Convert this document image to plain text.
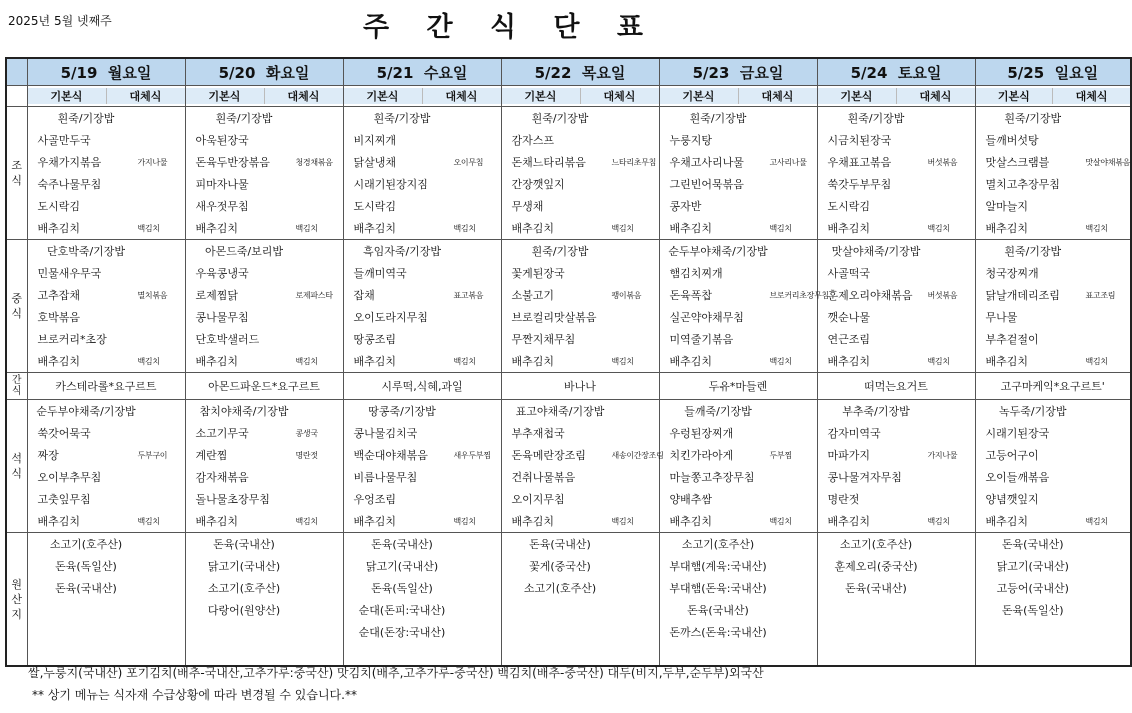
2025년 5월 넷째주	주 간 식 단 표
	5/19 월요일	5/20 화요일	5/21 수요일	5/22 목요일	5/23 금요일	5/24 토요일	5/25 일요일

	기본식 대체식	기본식 대체식	기본식 대체식	기본식 대체식	기본식 대체식	기본식 대체식	기본식 대체식

조식	흰죽/기장밥	흰죽/기장밥	흰죽/기장밥	흰죽/기장밥	흰죽/기장밥	흰죽/기장밥	흰죽/기장밥

	사골만두국	아욱된장국	비지찌개	감자스프	누룽지탕	시금치된장국	들깨버섯탕

	우채가지볶음 가지나물	돈육두반장볶음 청경채볶음	닭살냉채 오이무침	돈채느타리볶음 느타리초무침	우채고사리나물 고사리나물	우채표고볶음 버섯볶음	맛살스크램블 맛살야채볶음

	숙주나물무침	피마자나물	시래기된장지짐	간장깻잎지	그린빈어묵볶음	쑥갓두부무침	멸치고추장무침

	도시락김	새우젓무침	도시락김	무생채	콩자반	도시락김	알마늘지

	배추김치 백김치	배추김치 백김치	배추김치 백김치	배추김치 백김치	배추김치 백김치	배추김치 백김치	배추김치 백김치

중식	단호박죽/기장밥	아몬드죽/보리밥	흑임자죽/기장밥	흰죽/기장밥	순두부야채죽/기장밥	맛살야채죽/기장밥	흰죽/기장밥

	민물새우무국	우육콩냉국	들깨미역국	꽃게된장국	햄김치찌개	사골떡국	청국장찌개

	고추잡채 멸치볶음	로제찜닭 로제파스타	잡채 표고볶음	소불고기 팽이볶음	돈육폭찹 브로커리초장무침	훈제오리야채볶음 버섯볶음	닭날개데리조림 표고조림

	호박볶음	콩나물무침	오이도라지무침	브로컬리맛살볶음	실곤약야채무침	깻순나물	무나물

	브로커리*초장	단호박샐러드	땅콩조림	무짠지채무침	미역줄기볶음	연근조림	부추겉절이

	배추김치 백김치	배추김치 백김치	배추김치 백김치	배추김치 백김치	배추김치 백김치	배추김치 백김치	배추김치 백김치

간식	카스테라롤*요구르트	아몬드파운드*요구르트	시루떡,식혜,과일	바나나	두유*마들렌	떠먹는요거트	고구마케익*요구르트'

석식	순두부야채죽/기장밥	참치야채죽/기장밥	땅콩죽/기장밥	표고야채죽/기장밥	들깨죽/기장밥	부추죽/기장밥	녹두죽/기장밥

	쑥갓어묵국	소고기무국 콩생국	콩나물김치국	부추재첩국	우렁된장찌개	감자미역국	시래기된장국

	짜장 두부구이	계란찜 명란젓	백순대야채볶음 새우두부찜	돈육메란장조림 새송이간장조림	치킨가라아게 두부찜	마파가지 가지나물	고등어구이

	오이부추무침	감자채볶음	비름나물무침	건취나물볶음	마늘쫑고추장무침	콩나물겨자무침	오이들깨볶음

	고춧잎무침	돌나물초장무침	우엉조림	오이지무침	양배추쌈	명란젓	양념깻잎지

	배추김치 백김치	배추김치 백김치	배추김치 백김치	배추김치 백김치	배추김치 백김치	배추김치 백김치	배추김치 백김치

원산지	소고기(호주산)	돈육(국내산)	돈육(국내산)	돈육(국내산)	소고기(호주산)	소고기(호주산)	돈육(국내산)

	돈육(독일산)	닭고기(국내산)	닭고기(국내산)	꽃게(중국산)	부대햄(계육:국내산)	훈제오리(중국산)	닭고기(국내산)

	돈육(국내산)	소고기(호주산)	돈육(독일산)	소고기(호주산)	부대햄(돈육:국내산)	돈육(국내산)	고등어(국내산)

		다랑어(원양산)	순대(돈피:국내산)		돈육(국내산)		돈육(독일산)

			순대(돈장:국내산)		돈까스(돈육:국내산)		

쌀,누룽지(국내산) 포기김치(배추-국내산,고추가루:중국산) 맛김치(배추,고추가루-중국산) 백김치(배추-중국산) 대두(비지,두부,순두부)외국산
** 상기 메뉴는 식자재 수급상황에 따라 변경될 수 있습니다.**
